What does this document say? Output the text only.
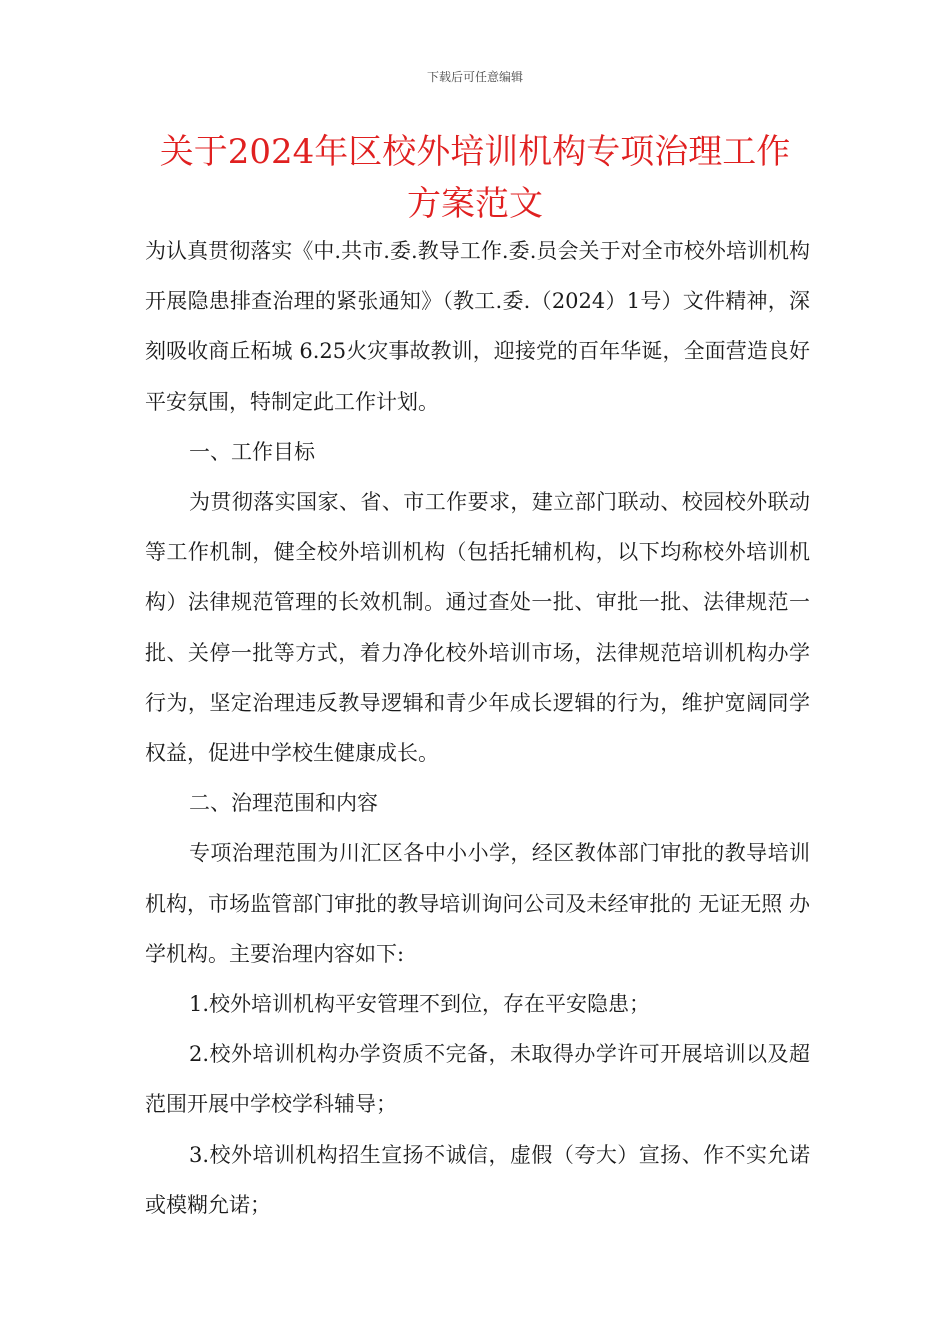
下载后可任意编辑
关于2024年区校外培训机构专项治理工作
方案范文

为认真贯彻落实《中.共市.委.教导工作.委.员会关于对全市校外培训机构开展隐患排查治理的紧张通知》（教工.委.（2024）1号）文件精神，深刻吸收商丘柘城 6.25火灾事故教训，迎接党的百年华诞，全面营造良好平安氛围，特制定此工作计划。

一、工作目标

为贯彻落实国家、省、市工作要求，建立部门联动、校园校外联动等工作机制，健全校外培训机构（包括托辅机构，以下均称校外培训机构）法律规范管理的长效机制。通过查处一批、审批一批、法律规范一批、关停一批等方式，着力净化校外培训市场，法律规范培训机构办学行为，坚定治理违反教导逻辑和青少年成长逻辑的行为，维护宽阔同学权益，促进中学校生健康成长。

二、治理范围和内容

专项治理范围为川汇区各中小小学，经区教体部门审批的教导培训机构，市场监管部门审批的教导培训询问公司及未经审批的 无证无照 办学机构。主要治理内容如下:

1.校外培训机构平安管理不到位，存在平安隐患；

2.校外培训机构办学资质不完备，未取得办学许可开展培训以及超范围开展中学校学科辅导；

3.校外培训机构招生宣扬不诚信，虚假（夸大）宣扬、作不实允诺或模糊允诺；
